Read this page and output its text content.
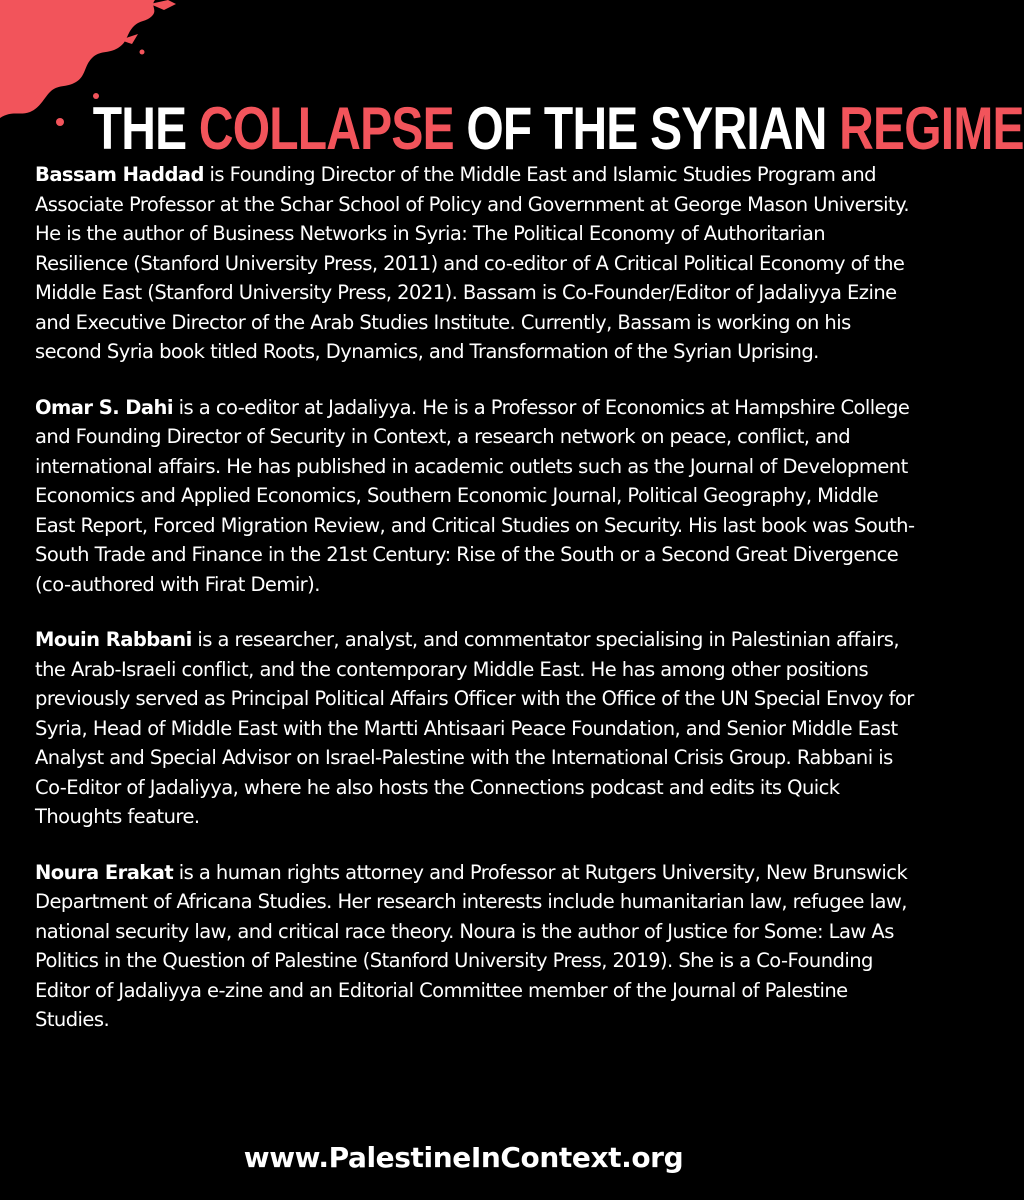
THE COLLAPSE OF THE SYRIAN REGIME

Bassam Haddad is Founding Director of the Middle East and Islamic Studies Program and Associate Professor at the Schar School of Policy and Government at George Mason University. He is the author of Business Networks in Syria: The Political Economy of Authoritarian Resilience (Stanford University Press, 2011) and co-editor of A Critical Political Economy of the Middle East (Stanford University Press, 2021). Bassam is Co-Founder/Editor of Jadaliyya Ezine and Executive Director of the Arab Studies Institute. Currently, Bassam is working on his second Syria book titled Roots, Dynamics, and Transformation of the Syrian Uprising.

Omar S. Dahi is a co-editor at Jadaliyya. He is a Professor of Economics at Hampshire College and Founding Director of Security in Context, a research network on peace, conflict, and international affairs. He has published in academic outlets such as the Journal of Development Economics and Applied Economics, Southern Economic Journal, Political Geography, Middle East Report, Forced Migration Review, and Critical Studies on Security. His last book was South-South Trade and Finance in the 21st Century: Rise of the South or a Second Great Divergence (co-authored with Firat Demir).

Mouin Rabbani is a researcher, analyst, and commentator specialising in Palestinian affairs, the Arab-Israeli conflict, and the contemporary Middle East. He has among other positions previously served as Principal Political Affairs Officer with the Office of the UN Special Envoy for Syria, Head of Middle East with the Martti Ahtisaari Peace Foundation, and Senior Middle East Analyst and Special Advisor on Israel-Palestine with the International Crisis Group. Rabbani is Co-Editor of Jadaliyya, where he also hosts the Connections podcast and edits its Quick Thoughts feature.

Noura Erakat is a human rights attorney and Professor at Rutgers University, New Brunswick Department of Africana Studies. Her research interests include humanitarian law, refugee law, national security law, and critical race theory. Noura is the author of Justice for Some: Law As Politics in the Question of Palestine (Stanford University Press, 2019). She is a Co-Founding Editor of Jadaliyya e-zine and an Editorial Committee member of the Journal of Palestine Studies.

www.PalestineInContext.org
